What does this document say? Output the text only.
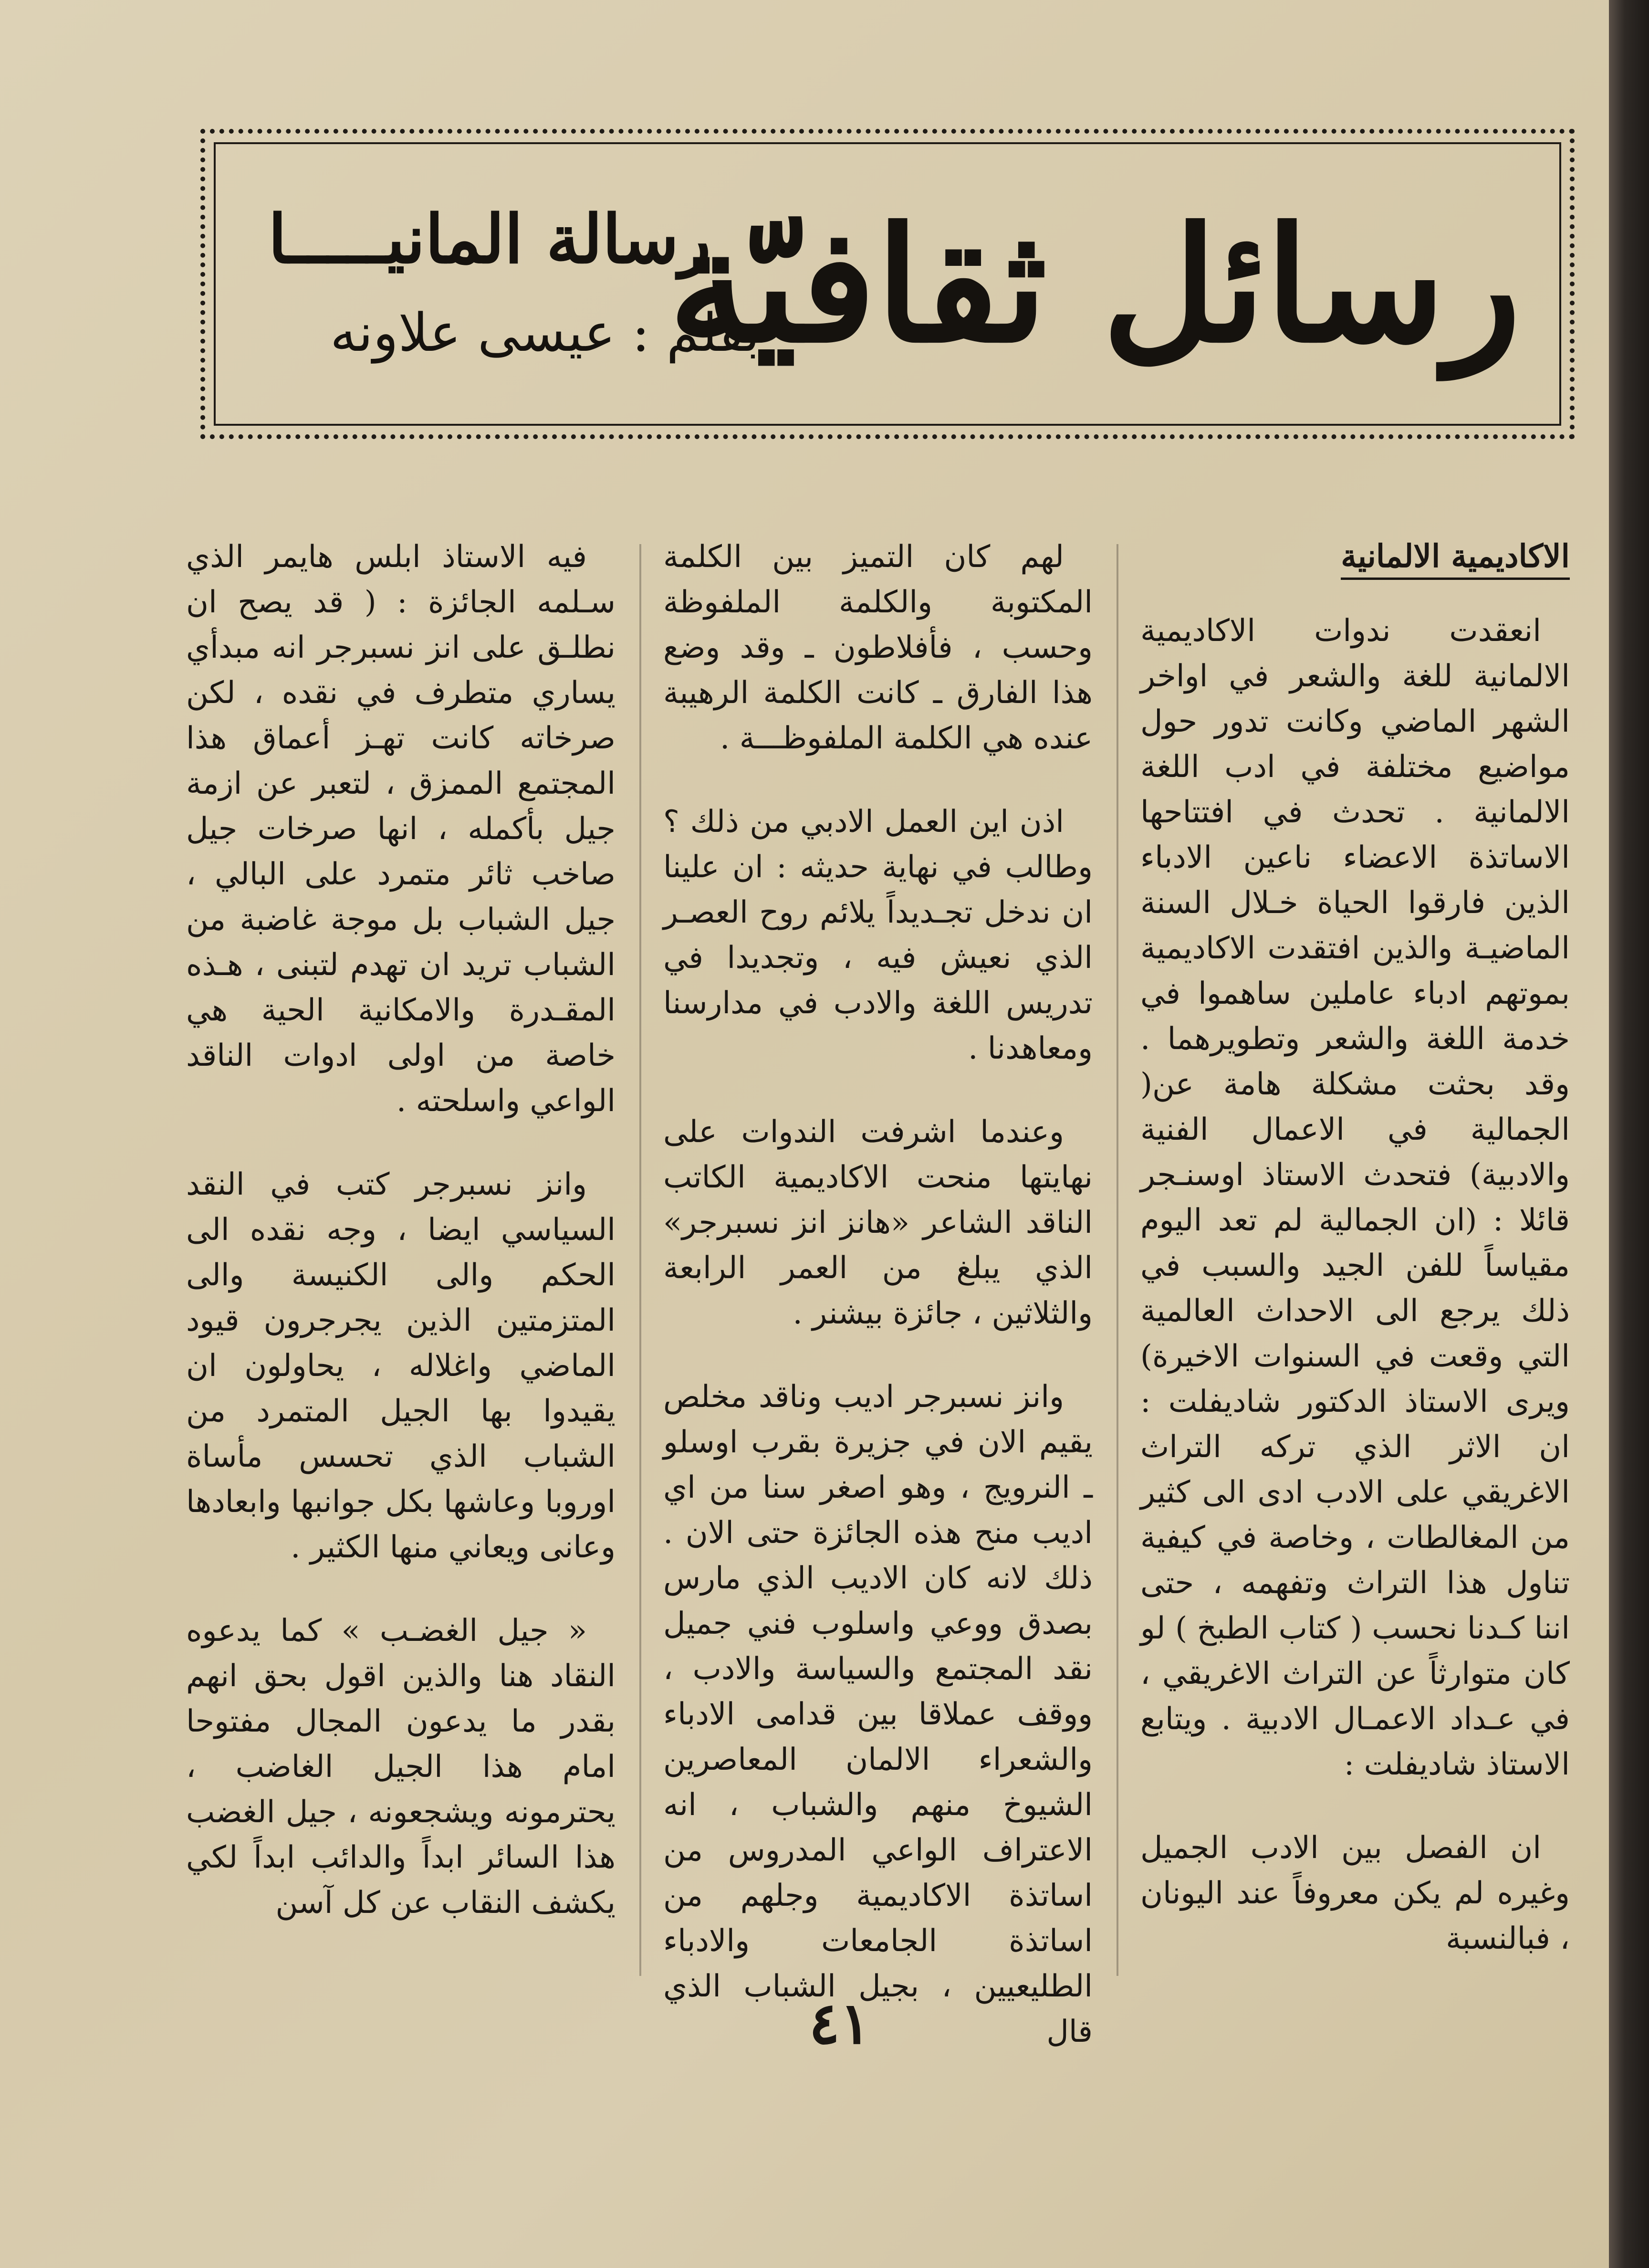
رسائل ثقافيّة
رسالة المانيـــــا
بقلم : عيسى علاونه
الاكاديمية الالمانية

انعقدت ندوات الاكاديمية الالمانية للغة والشعر في اواخر الشهر الماضي وكانت تدور حول مواضيع مختلفة في ادب اللغة الالمانية . تحدث في افتتاحها الاساتذة الاعضاء ناعين الادباء الذين فارقوا الحياة خـلال السنة الماضيـة والذين افتقدت الاكاديمية بموتهم ادباء عاملين ساهموا في خدمة اللغة والشعر وتطويرهما . وقد بحثت مشكلة هامة عن( الجمالية في الاعمال الفنية والادبية) فتحدث الاستاذ اوسنـجر قائلا : (ان الجمالية لم تعد اليوم مقياساً للفن الجيد والسبب في ذلك يرجع الى الاحداث العالمية التي وقعت في السنوات الاخيرة) ويرى الاستاذ الدكتور شاديفلت : ان الاثر الذي تركه التراث الاغريقي على الادب ادى الى كثير من المغالطات ، وخاصة في كيفية تناول هذا التراث وتفهمه ، حتى اننا كـدنا نحسب ( كتاب الطبخ ) لو كان متوارثاً عن التراث الاغريقي ، في عـداد الاعمـال الادبية . ويتابع الاستاذ شاديفلت :

ان الفصل بين الادب الجميل وغيره لم يكن معروفاً عند اليونان ، فبالنسبة

لهم كان التميز بين الكلمة المكتوبة والكلمة الملفوظة وحسب ، فأفلاطون ـ وقد وضع هذا الفارق ـ كانت الكلمة الرهيبة عنده هي الكلمة الملفوظـــة .

اذن اين العمل الادبي من ذلك ؟ وطالب في نهاية حديثه : ان علينا ان ندخل تجـديداً يلائم روح العصـر الذي نعيش فيه ، وتجديدا في تدريس اللغة والادب في مدارسنا ومعاهدنا .

وعندما اشرفت الندوات على نهايتها منحت الاكاديمية الكاتب الناقد الشاعر «هانز انز نسبرجر» الذي يبلغ من العمر الرابعة والثلاثين ، جائزة بيشنر .

وانز نسبرجر اديب وناقد مخلص يقيم الان في جزيرة بقرب اوسلو ـ النرويج ، وهو اصغر سنا من اي اديب منح هذه الجائزة حتى الان . ذلك لانه كان الاديب الذي مارس بصدق ووعي واسلوب فني جميل نقد المجتمع والسياسة والادب ، ووقف عملاقا بين قدامى الادباء والشعراء الالمان المعاصرين الشيوخ منهم والشباب ، انه الاعتراف الواعي المدروس من اساتذة الاكاديمية وجلهم من اساتذة الجامعات والادباء الطليعيين ، بجيل الشباب الذي قال

فيه الاستاذ ابلس هايمر الذي سـلمه الجائزة : ( قد يصح ان نطلـق على انز نسبرجر انه مبدأي يساري متطرف في نقده ، لكن صرخاته كانت تهـز أعماق هذا المجتمع الممزق ، لتعبر عن ازمة جيل بأكمله ، انها صرخات جيل صاخب ثائر متمرد على البالي ، جيل الشباب بل موجة غاضبة من الشباب تريد ان تهدم لتبنى ، هـذه المقـدرة والامكانية الحية هي خاصة من اولى ادوات الناقد الواعي واسلحته .

وانز نسبرجر كتب في النقد السياسي ايضا ، وجه نقده الى الحكم والى الكنيسة والى المتزمتين الذين يجرجرون قيود الماضي واغلاله ، يحاولون ان يقيدوا بها الجيل المتمرد من الشباب الذي تحسس مأساة اوروبا وعاشها بكل جوانبها وابعادها وعانى ويعاني منها الكثير .

« جيل الغضـب » كما يدعوه النقاد هنا والذين اقول بحق انهم بقدر ما يدعون المجال مفتوحا امام هذا الجيل الغاضب ، يحترمونه ويشجعونه ، جيل الغضب هذا السائر ابداً والدائب ابداً لكي يكشف النقاب عن كل آسن

٤١
